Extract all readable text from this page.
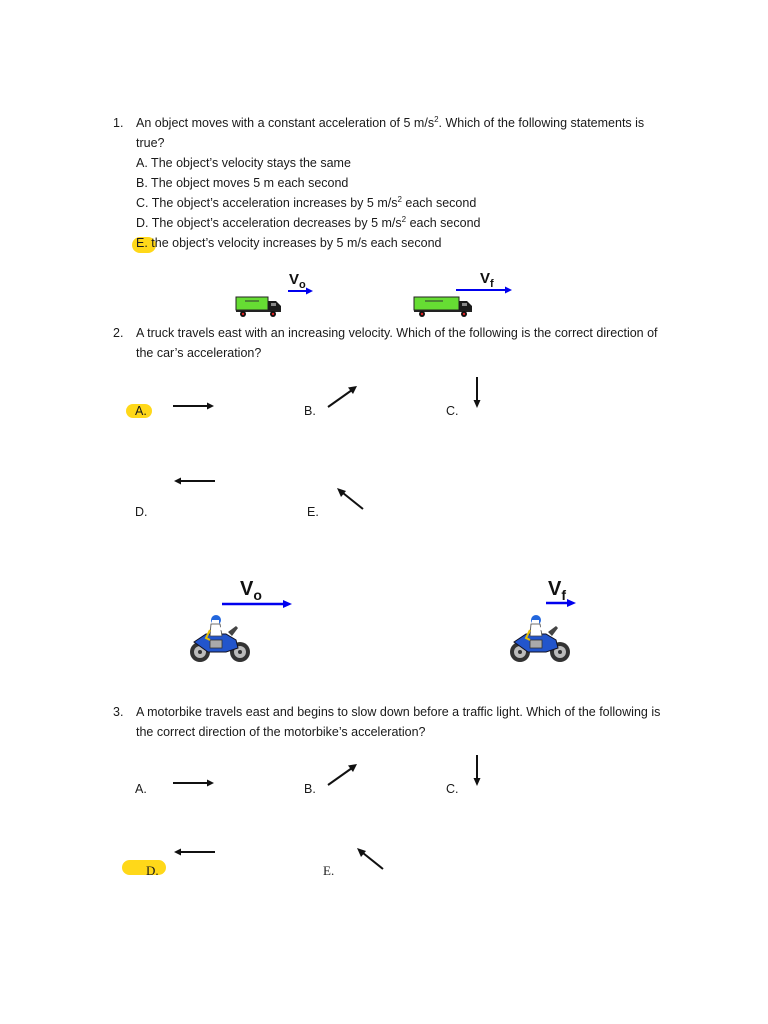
1. An object moves with a constant acceleration of 5 $m/s^2$. Which of the following statements is
true?
A. The object’s velocity stays the same
B. The object moves 5 m each second
C. The object’s acceleration increases by 5 $m/s^2$ each second
D. The object’s acceleration decreases by 5 $m/s^2$ each second
E. the object’s velocity increases by 5 m/s each second
$V_o$	$V_f$
2. A truck travels east with an increasing velocity. Which of the following is the correct direction of
the car’s acceleration?
A.	B.	C.
D.	E.
$V_o$	$V_f$
3. A motorbike travels east and begins to slow down before a traffic light. Which of the following is
the correct direction of the motorbike’s acceleration?
A.	B.	C.
D.	E.
